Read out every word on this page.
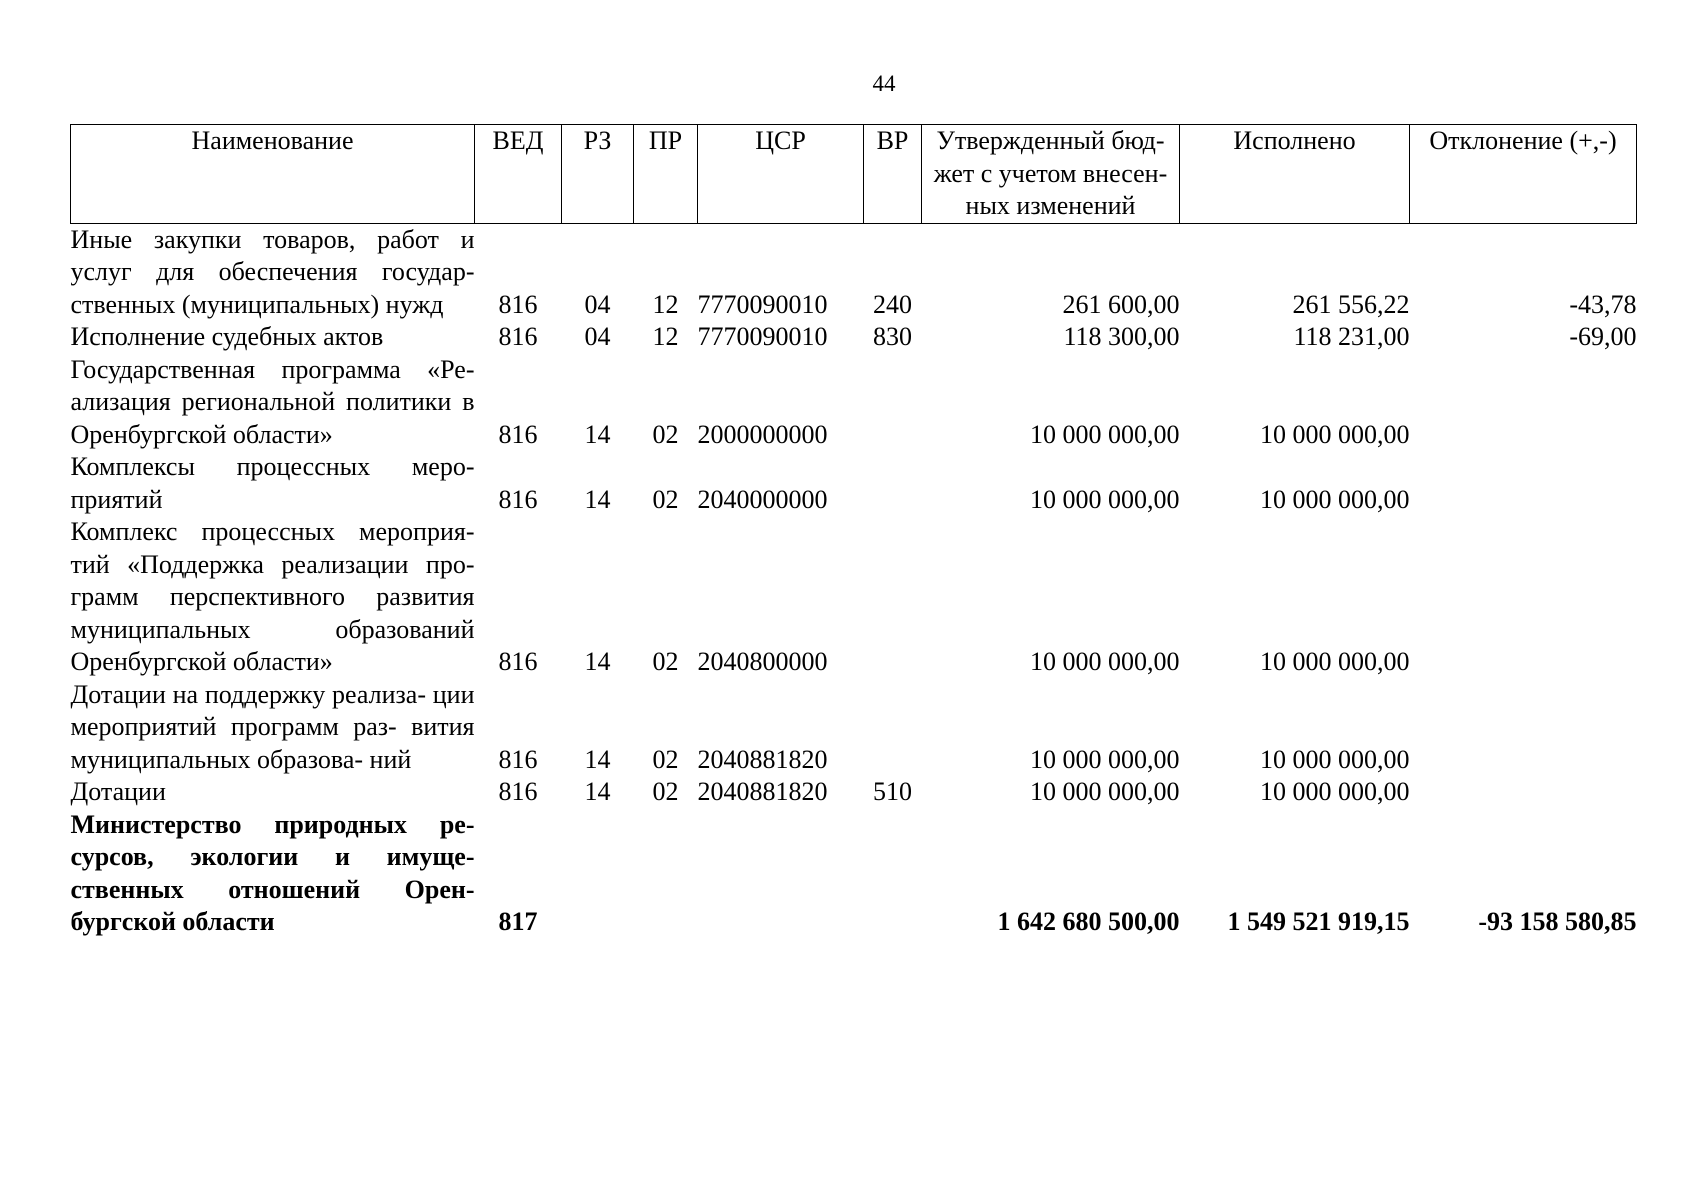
44
Наименование	ВЕД	РЗ	ПР	ЦСР	ВР	Утвержденный бюд- жет с учетом внесен- ных изменений	Исполнено	Отклонение (+,-)
Иные закупки товаров, работ и услуг для обеспечения государ- ственных (муниципальных) нужд	816	04	12	7770090010	240	261 600,00	261 556,22	-43,78
Исполнение судебных актов	816	04	12	7770090010	830	118 300,00	118 231,00	-69,00
Государственная программа «Ре- ализация региональной политики в Оренбургской области»	816	14	02	2000000000		10 000 000,00	10 000 000,00	
Комплексы процессных меро- приятий	816	14	02	2040000000		10 000 000,00	10 000 000,00	
Комплекс процессных мероприя- тий «Поддержка реализации про- грамм перспективного развития муниципальных образований Оренбургской области»	816	14	02	2040800000		10 000 000,00	10 000 000,00	
Дотации на поддержку реализа- ции мероприятий программ раз- вития муниципальных образова- ний	816	14	02	2040881820		10 000 000,00	10 000 000,00	
Дотации	816	14	02	2040881820	510	10 000 000,00	10 000 000,00	
Министерство природных ре- сурсов, экологии и имуще- ственных отношений Орен- бургской области	817					1 642 680 500,00	1 549 521 919,15	-93 158 580,85
